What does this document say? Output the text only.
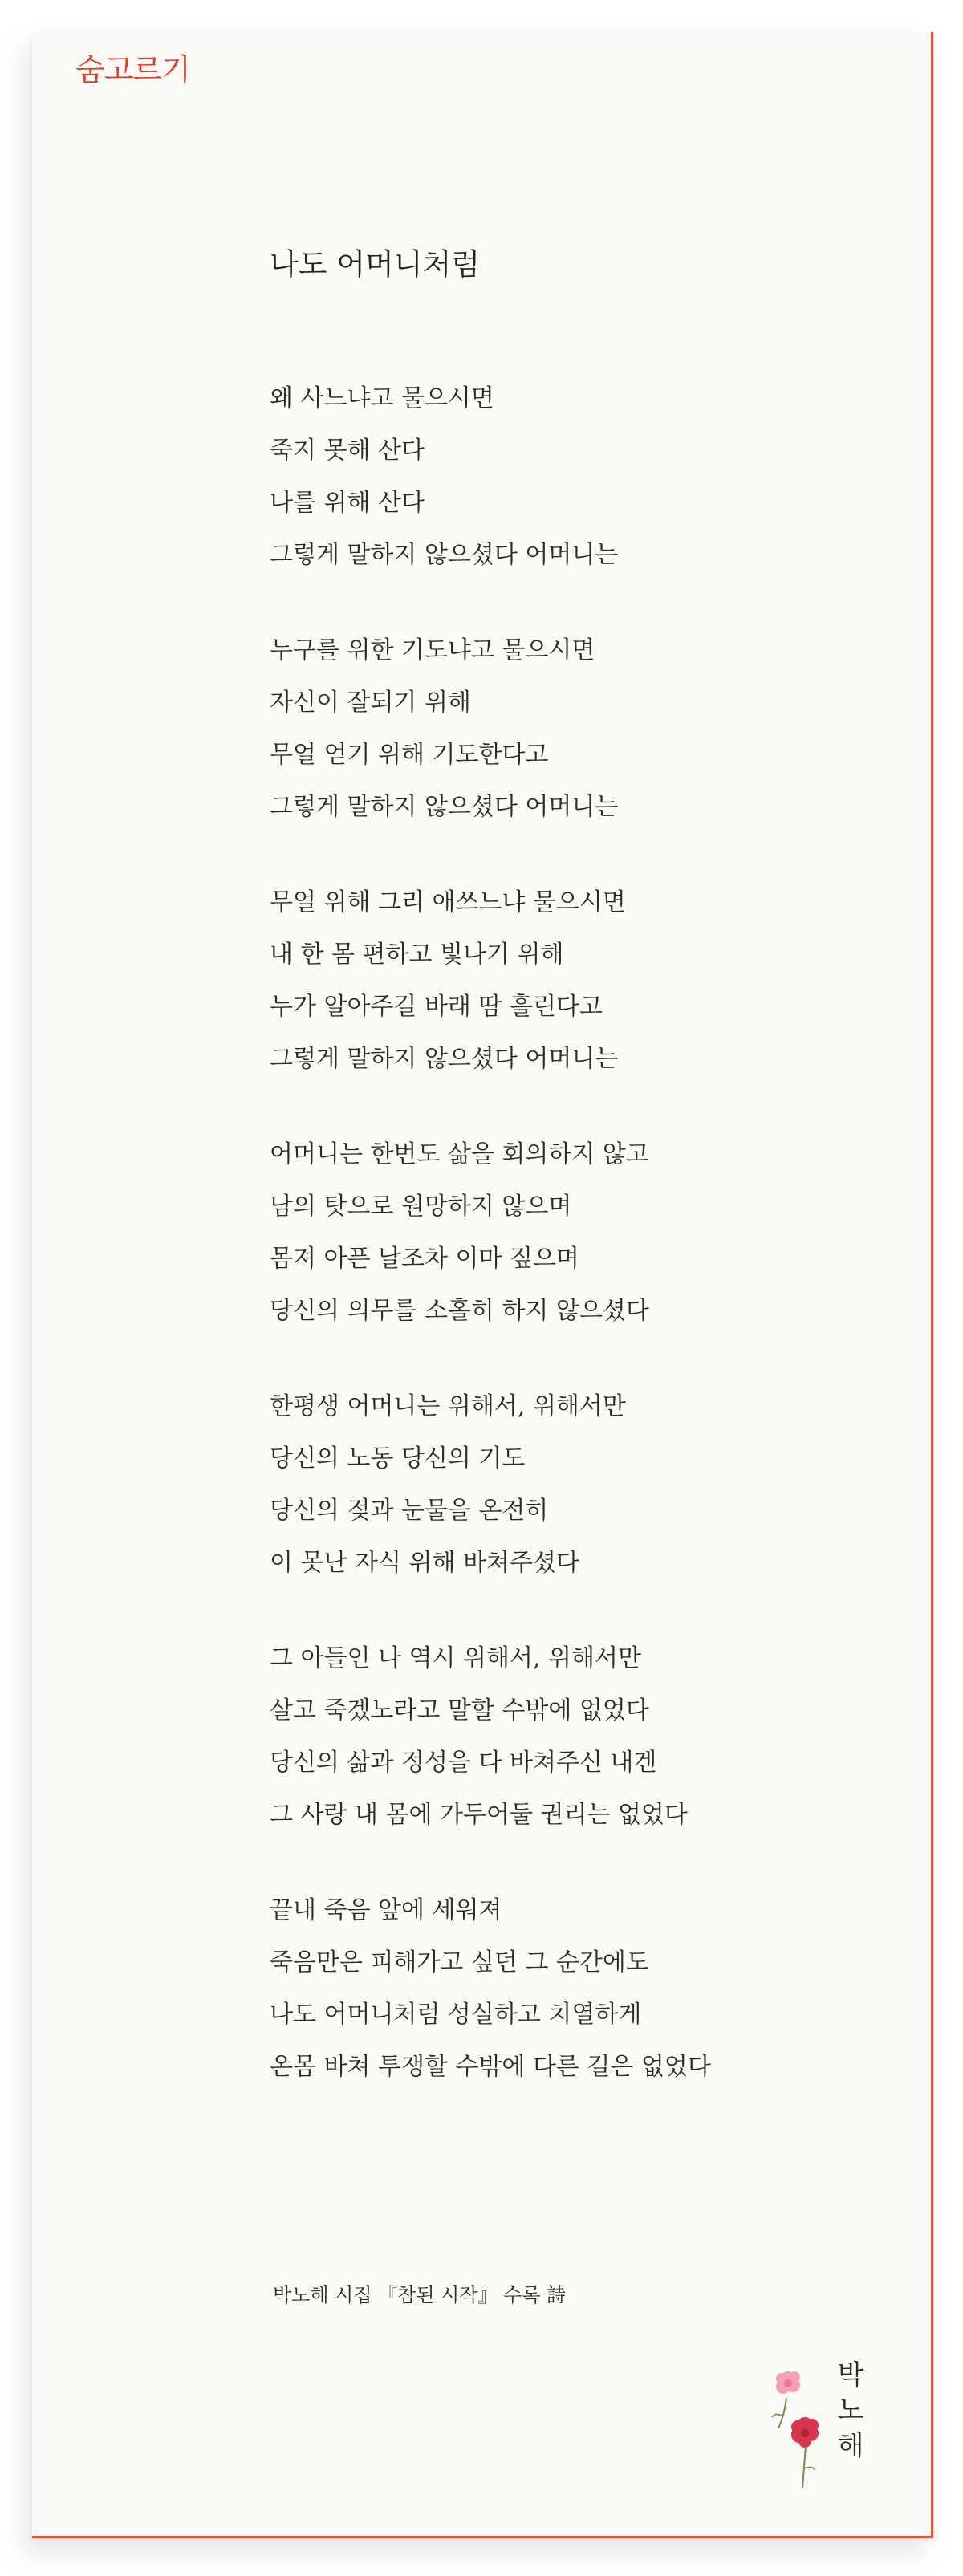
숨고르기
나도 어머니처럼
왜 사느냐고 물으시면
죽지 못해 산다
나를 위해 산다
그렇게 말하지 않으셨다 어머니는
누구를 위한 기도냐고 물으시면
자신이 잘되기 위해
무얼 얻기 위해 기도한다고
그렇게 말하지 않으셨다 어머니는
무얼 위해 그리 애쓰느냐 물으시면
내 한 몸 편하고 빛나기 위해
누가 알아주길 바래 땀 흘린다고
그렇게 말하지 않으셨다 어머니는
어머니는 한번도 삶을 회의하지 않고
남의 탓으로 원망하지 않으며
몸져 아픈 날조차 이마 짚으며
당신의 의무를 소홀히 하지 않으셨다
한평생 어머니는 위해서, 위해서만
당신의 노동 당신의 기도
당신의 젖과 눈물을 온전히
이 못난 자식 위해 바쳐주셨다
그 아들인 나 역시 위해서, 위해서만
살고 죽겠노라고 말할 수밖에 없었다
당신의 삶과 정성을 다 바쳐주신 내겐
그 사랑 내 몸에 가두어둘 권리는 없었다
끝내 죽음 앞에 세워져
죽음만은 피해가고 싶던 그 순간에도
나도 어머니처럼 성실하고 치열하게
온몸 바쳐 투쟁할 수밖에 다른 길은 없었다
박노해 시집 『참된 시작』 수록 詩
박
노
해
